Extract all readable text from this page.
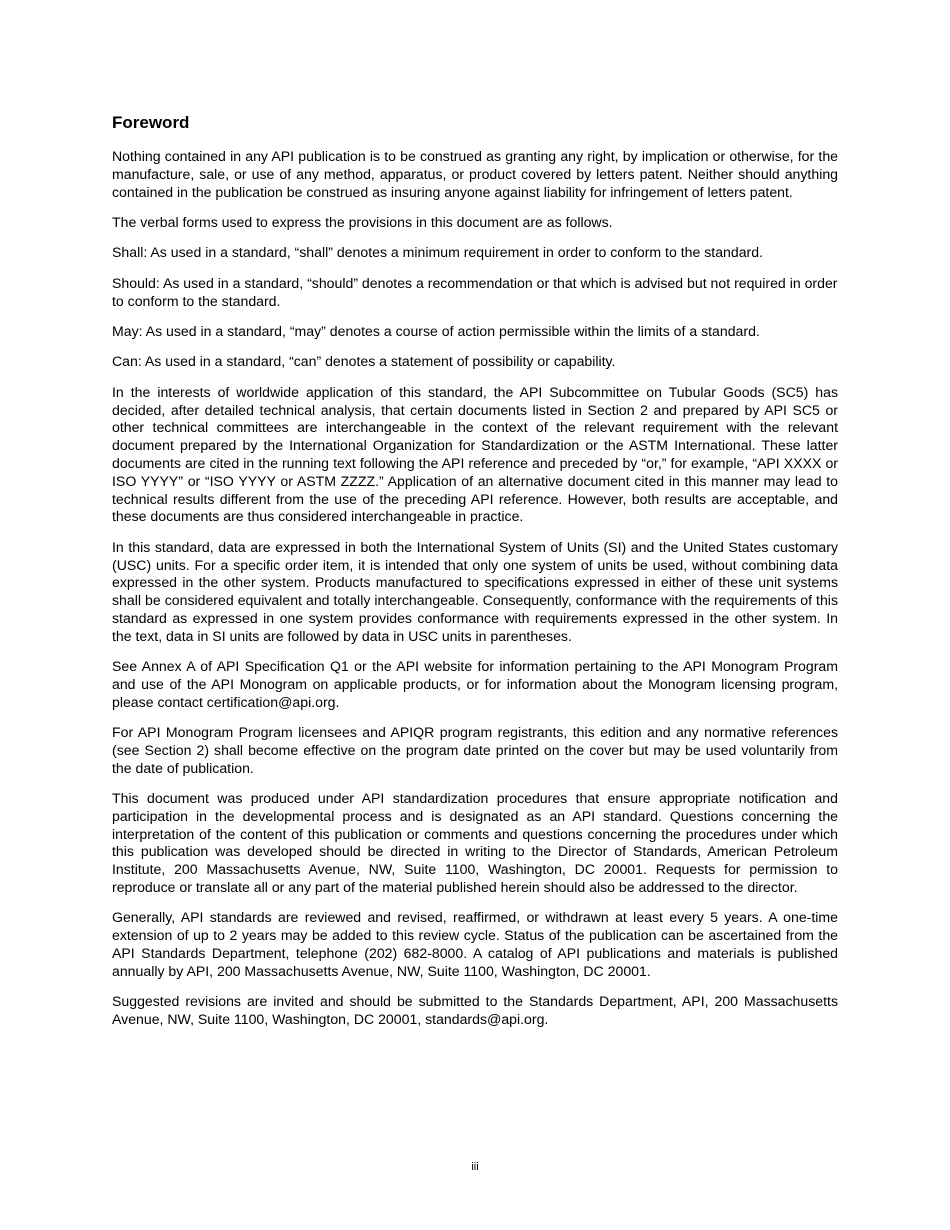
Foreword

Nothing contained in any API publication is to be construed as granting any right, by implication or otherwise, for the manufacture, sale, or use of any method, apparatus, or product covered by letters patent. Neither should anything contained in the publication be construed as insuring anyone against liability for infringement of letters patent.

The verbal forms used to express the provisions in this document are as follows.

Shall: As used in a standard, “shall” denotes a minimum requirement in order to conform to the standard.

Should: As used in a standard, “should” denotes a recommendation or that which is advised but not required in order to conform to the standard.

May: As used in a standard, “may” denotes a course of action permissible within the limits of a standard.

Can: As used in a standard, “can” denotes a statement of possibility or capability.

In the interests of worldwide application of this standard, the API Subcommittee on Tubular Goods (SC5) has decided, after detailed technical analysis, that certain documents listed in Section 2 and prepared by API SC5 or other technical committees are interchangeable in the context of the relevant requirement with the relevant document prepared by the International Organization for Standardization or the ASTM International. These latter documents are cited in the running text following the API reference and preceded by “or,” for example, “API XXXX or ISO YYYY” or “ISO YYYY or ASTM ZZZZ.” Application of an alternative document cited in this manner may lead to technical results different from the use of the preceding API reference. However, both results are acceptable, and these documents are thus considered interchangeable in practice.

In this standard, data are expressed in both the International System of Units (SI) and the United States customary (USC) units. For a specific order item, it is intended that only one system of units be used, without combining data expressed in the other system. Products manufactured to specifications expressed in either of these unit systems shall be considered equivalent and totally interchangeable. Consequently, conformance with the requirements of this standard as expressed in one system provides conformance with requirements expressed in the other system. In the text, data in SI units are followed by data in USC units in parentheses.

See Annex A of API Specification Q1 or the API website for information pertaining to the API Monogram Program and use of the API Monogram on applicable products, or for information about the Monogram licensing program, please contact certification@api.org.

For API Monogram Program licensees and APIQR program registrants, this edition and any normative references (see Section 2) shall become effective on the program date printed on the cover but may be used voluntarily from the date of publication.

This document was produced under API standardization procedures that ensure appropriate notification and participation in the developmental process and is designated as an API standard. Questions concerning the interpretation of the content of this publication or comments and questions concerning the procedures under which this publication was developed should be directed in writing to the Director of Standards, American Petroleum Institute, 200 Massachusetts Avenue, NW, Suite 1100, Washington, DC 20001. Requests for permission to reproduce or translate all or any part of the material published herein should also be addressed to the director.

Generally, API standards are reviewed and revised, reaffirmed, or withdrawn at least every 5 years. A one-time extension of up to 2 years may be added to this review cycle. Status of the publication can be ascertained from the API Standards Department, telephone (202) 682-8000. A catalog of API publications and materials is published annually by API, 200 Massachusetts Avenue, NW, Suite 1100, Washington, DC 20001.

Suggested revisions are invited and should be submitted to the Standards Department, API, 200 Massachusetts Avenue, NW, Suite 1100, Washington, DC 20001, standards@api.org.

iii
